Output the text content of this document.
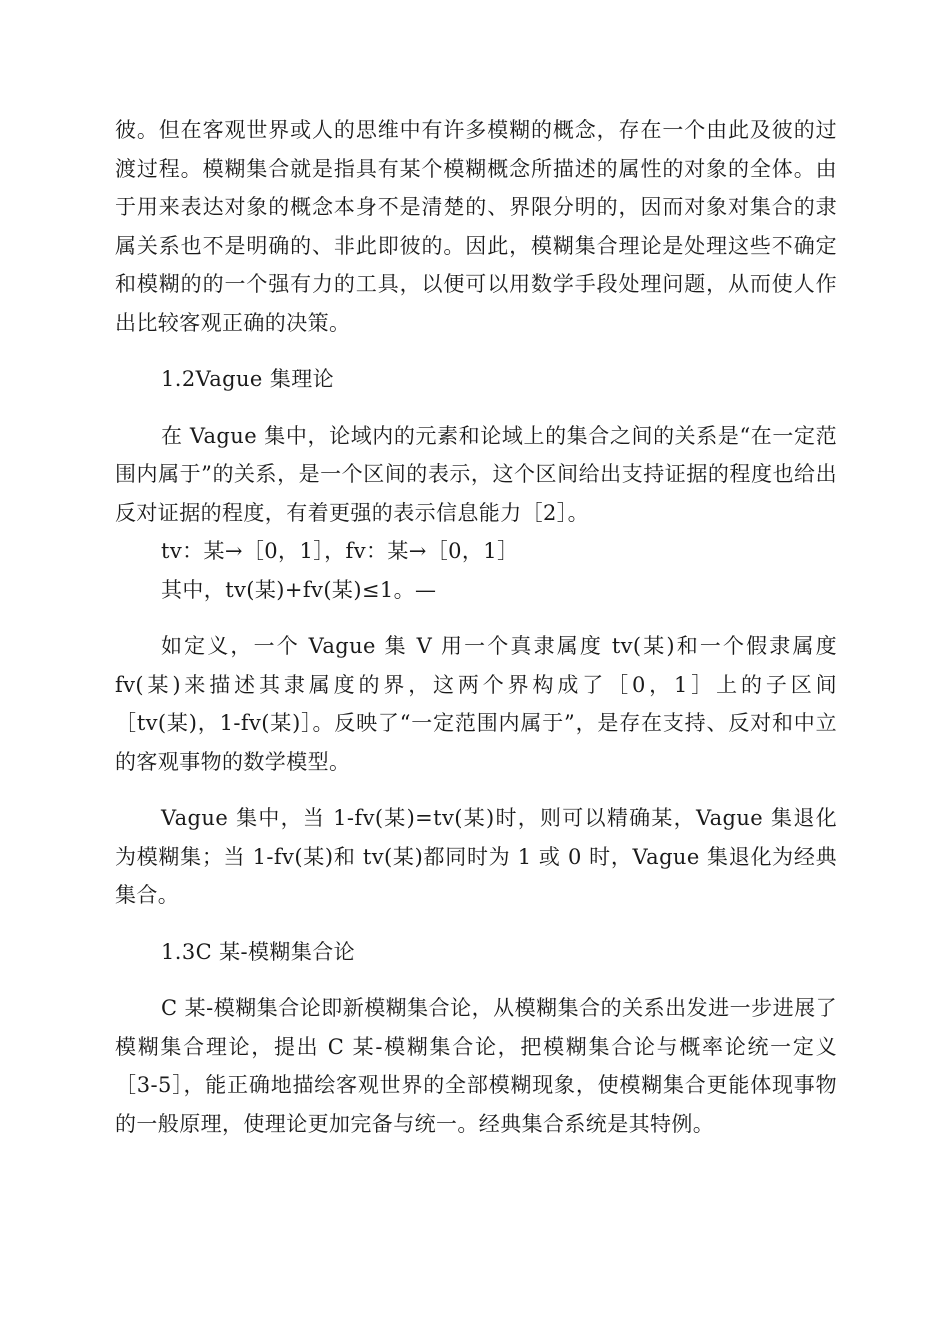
彼。但在客观世界或人的思维中有许多模糊的概念，存在一个由此及彼的过渡过程。模糊集合就是指具有某个模糊概念所描述的属性的对象的全体。由于用来表达对象的概念本身不是清楚的、界限分明的，因而对象对集合的隶属关系也不是明确的、非此即彼的。因此，模糊集合理论是处理这些不确定和模糊的的一个强有力的工具，以便可以用数学手段处理问题，从而使人作出比较客观正确的决策。

1.2Vague 集理论

在 Vague 集中，论域内的元素和论域上的集合之间的关系是“在一定范围内属于”的关系，是一个区间的表示，这个区间给出支持证据的程度也给出反对证据的程度，有着更强的表示信息能力［2］。

tv：某→［0，1］，fv：某→［0，1］

其中，tv(某)+fv(某)≤1。—

如定义，一个 Vague 集 V 用一个真隶属度 tv(某)和一个假隶属度 fv(某)来描述其隶属度的界，这两个界构成了［0，1］上的子区间［tv(某)，1-fv(某)］。反映了“一定范围内属于”，是存在支持、反对和中立的客观事物的数学模型。

Vague 集中，当 1-fv(某)=tv(某)时，则可以精确某，Vague 集退化为模糊集；当 1-fv(某)和 tv(某)都同时为 1 或 0 时，Vague 集退化为经典集合。

1.3C 某-模糊集合论

C 某-模糊集合论即新模糊集合论，从模糊集合的关系出发进一步进展了模糊集合理论，提出 C 某-模糊集合论，把模糊集合论与概率论统一定义［3-5］，能正确地描绘客观世界的全部模糊现象，使模糊集合更能体现事物的一般原理，使理论更加完备与统一。经典集合系统是其特例。
